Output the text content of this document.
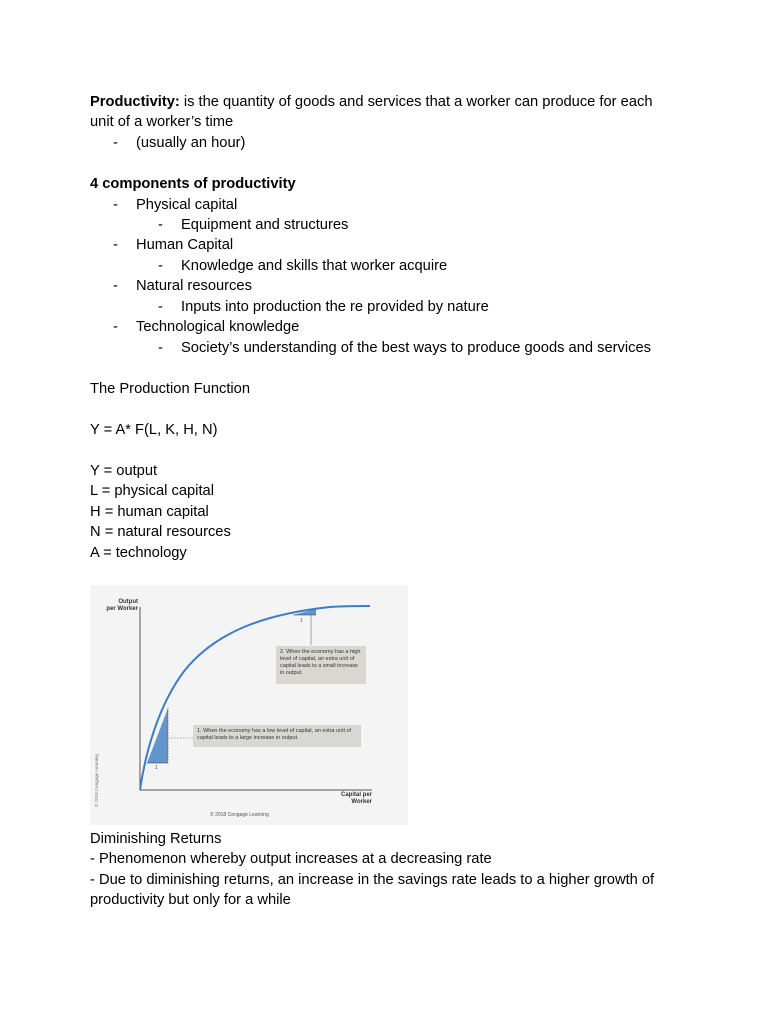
Productivity: is the quantity of goods and services that a worker can produce for each
unit of a worker’s time
- (usually an hour)
4 components of productivity
- Physical capital
- Equipment and structures
- Human Capital
- Knowledge and skills that worker acquire
- Natural resources
- Inputs into production the re provided by nature
- Technological knowledge
- Society’s understanding of the best ways to produce goods and services
The Production Function
Y = A* F(L, K, H, N)
Y = output
L = physical capital
H = human capital
N = natural resources
A = technology
Output
per Worker
Capital per
Worker
1
1
2. When the economy has a high level of capital, an extra unit of capital leads to a small increase in output.
1. When the economy has a low level of capital, an extra unit of capital leads to a large increase in output.
© 2018 Cengage Learning
© 2018 Cengage Learning
Diminishing Returns
- Phenomenon whereby output increases at a decreasing rate
- Due to diminishing returns, an increase in the savings rate leads to a higher growth of
productivity but only for a while
